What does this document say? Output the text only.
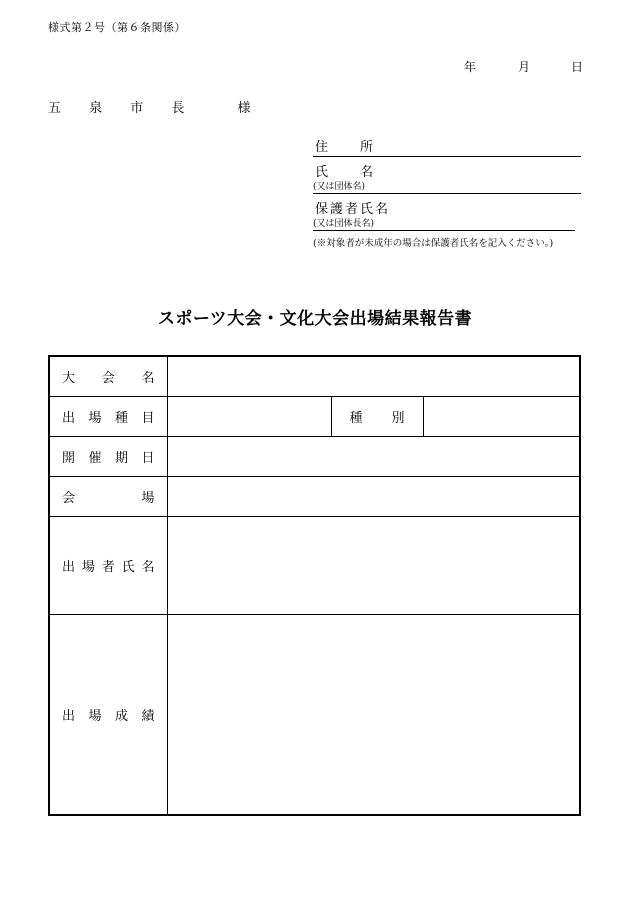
様式第２号（第６条関係）
年	月	日
五 泉 市 長　 様
住　　所
氏　　名
(又は団体名)
保護者氏名
(又は団体長名)
(※対象者が未成年の場合は保護者氏名を記入ください。)
スポーツ大会・文化大会出場結果報告書
大 会 名			

出 場 種 目		種 別	

開 催 期 日			

会 場			

出 場 者 氏 名			

出 場 成 績			
